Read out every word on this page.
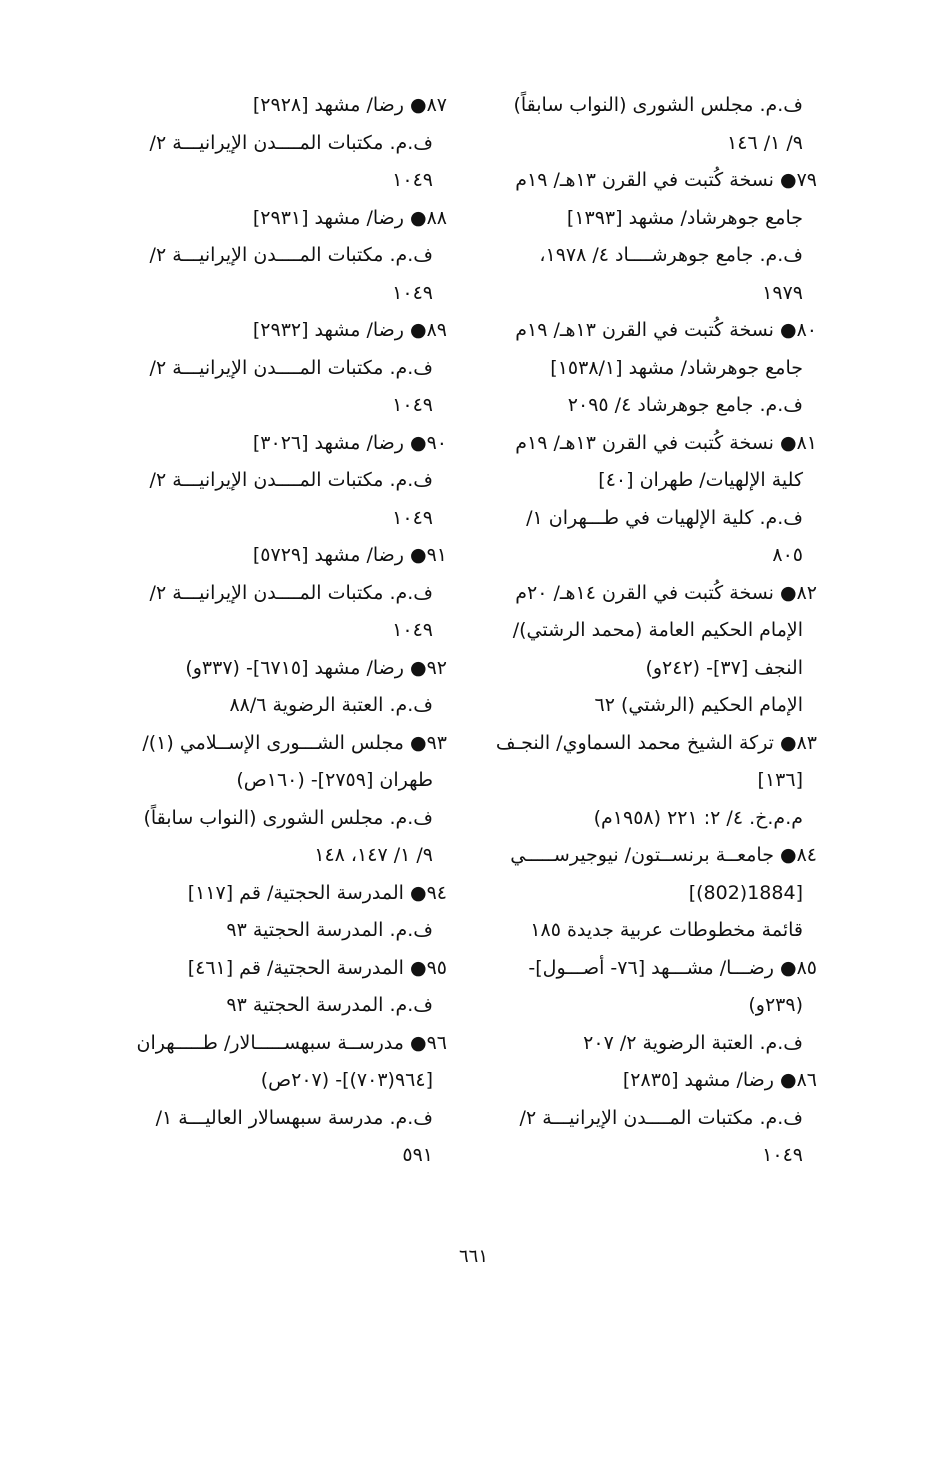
ف.م. مجلس الشورى (النواب سابقاً)
٩/ ١/ ١٤٦
٧٩● نسخة كُتبت في القرن ١٣هـ/ ١٩م
جامع جوهرشاد/ مشهد [١٣٩٣]
ف.م. جامع جوهرشــــاد ٤/ ١٩٧٨،
١٩٧٩
٨٠● نسخة كُتبت في القرن ١٣هـ/ ١٩م
جامع جوهرشاد/ مشهد [١٥٣٨/١]
ف.م. جامع جوهرشاد ٤/ ٢٠٩٥
٨١● نسخة كُتبت في القرن ١٣هـ/ ١٩م
كلية الإلهيات/ طهران [٤٠]
ف.م. كلية الإلهيات في طـــهران ١/
٨٠٥
٨٢● نسخة كُتبت في القرن ١٤هـ/ ٢٠م
الإمام الحكيم العامة (محمد الرشتي)/
النجف [٣٧]- (٢٤٢و)
الإمام الحكيم (الرشتي) ٦٢
٨٣● تركة الشيخ محمد السماوي/ النجـف
[١٣٦]
م.م.خ. ٤/ ٢: ٢٢١ (١٩٥٨م)
٨٤● جامعــة برنســتون/ نيوجيرســـــي
[1884(802)]
قائمة مخطوطات عربية جديدة ١٨٥
٨٥● رضـــا/ مشـــهد [٧٦- أصـــول]-
(٢٣٩و)
ف.م. العتبة الرضوية ٢/ ٢٠٧
٨٦● رضا/ مشهد [٢٨٣٥]
ف.م. مكتبات المــــدن الإيرانيـــة ٢/
١٠٤٩
٨٧● رضا/ مشهد [٢٩٢٨]
ف.م. مكتبات المــــدن الإيرانيـــة ٢/
١٠٤٩
٨٨● رضا/ مشهد [٢٩٣١]
ف.م. مكتبات المــــدن الإيرانيـــة ٢/
١٠٤٩
٨٩● رضا/ مشهد [٢٩٣٢]
ف.م. مكتبات المــــدن الإيرانيـــة ٢/
١٠٤٩
٩٠● رضا/ مشهد [٣٠٢٦]
ف.م. مكتبات المــــدن الإيرانيـــة ٢/
١٠٤٩
٩١● رضا/ مشهد [٥٧٢٩]
ف.م. مكتبات المــــدن الإيرانيـــة ٢/
١٠٤٩
٩٢● رضا/ مشهد [٦٧١٥]- (٣٣٧و)
ف.م. العتبة الرضوية ٨٨/٦
٩٣● مجلس الشـــورى الإســلامي (١)/
طهران [٢٧٥٩]- (١٦٠ص)
ف.م. مجلس الشورى (النواب سابقاً)
٩/ ١/ ١٤٧، ١٤٨
٩٤● المدرسة الحجتية/ قم [١١٧]
ف.م. المدرسة الحجتية ٩٣
٩٥● المدرسة الحجتية/ قم [٤٦١]
ف.م. المدرسة الحجتية ٩٣
٩٦● مدرســة سبهســـــالار/ طـــــهران
[٩٦٤(٧٠٣)]- (٢٠٧ص)
ف.م. مدرسة سبهسالار العاليـــة ١/
٥٩١
٦٦١
